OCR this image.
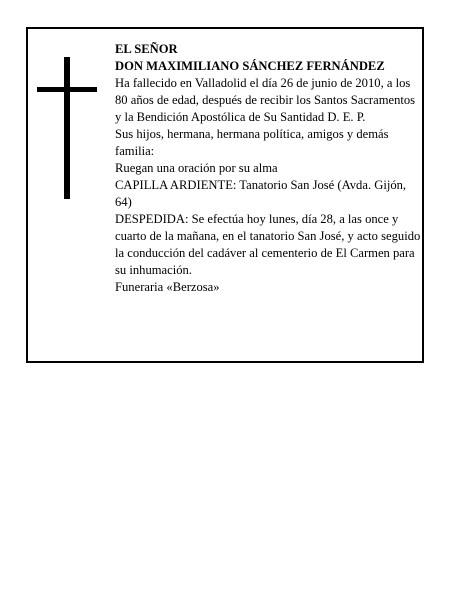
EL SEÑOR

DON MAXIMILIANO SÁNCHEZ FERNÁNDEZ

Ha fallecido en Valladolid el día 26 de junio de 2010, a los 80 años de edad, después de recibir los Santos Sacramentos y la Bendición Apostólica de Su Santidad D. E. P.

Sus hijos, hermana, hermana política, amigos y demás familia:

Ruegan una oración por su alma

CAPILLA ARDIENTE: Tanatorio San José (Avda. Gijón, 64)

DESPEDIDA: Se efectúa hoy lunes, día 28, a las once y cuarto de la mañana, en el tanatorio San José, y acto seguido la conducción del cadáver al cementerio de El Carmen para su inhumación.

Funeraria «Berzosa»
